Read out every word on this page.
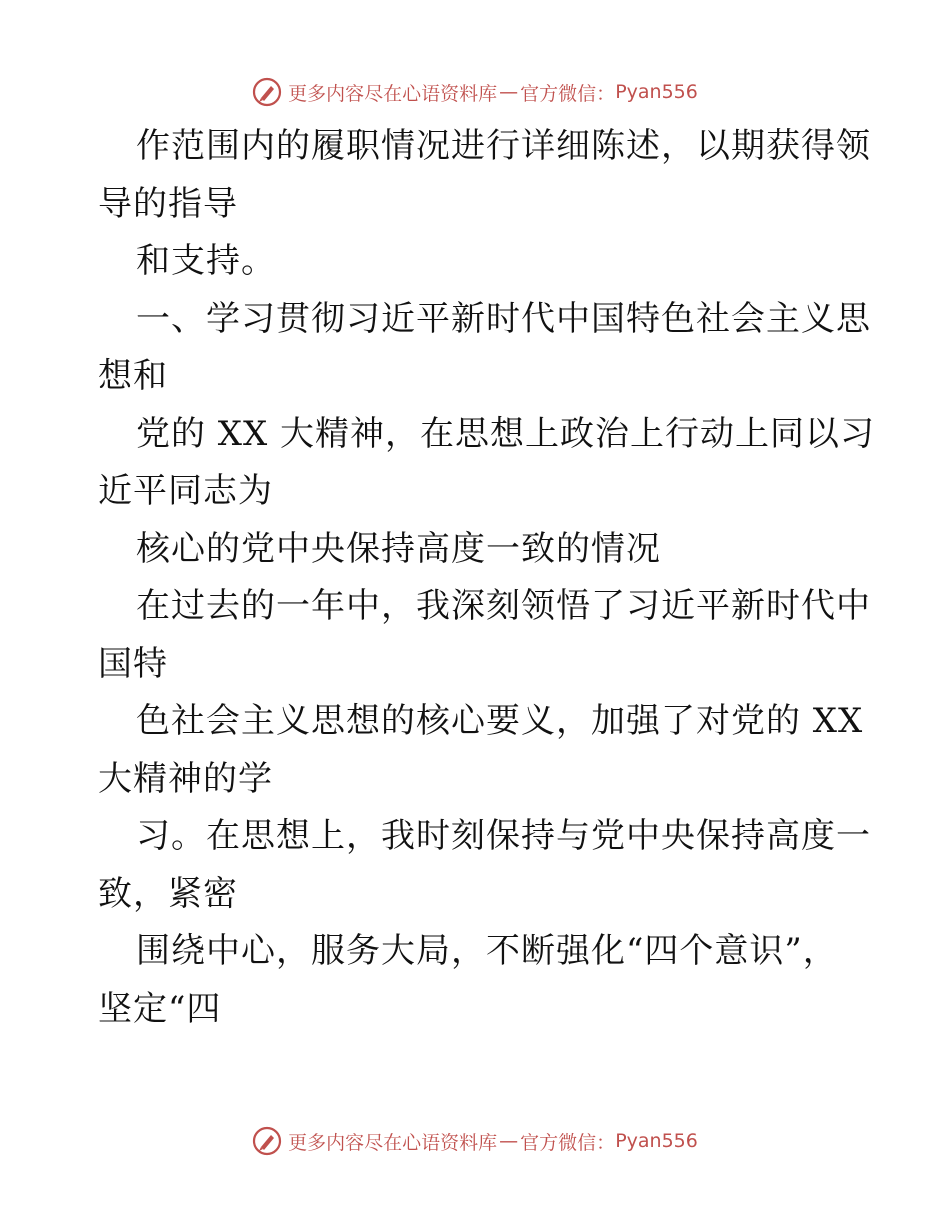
更多内容尽在心语资料库 — 官方微信： Pyan556
作范围内的履职情况进行详细陈述，以期获得领
导的指导
和支持。
一、学习贯彻习近平新时代中国特色社会主义思
想和
党的 XX 大精神，在思想上政治上行动上同以习
近平同志为
核心的党中央保持高度一致的情况
在过去的一年中，我深刻领悟了习近平新时代中
国特
色社会主义思想的核心要义，加强了对党的 XX
大精神的学
习。在思想上，我时刻保持与党中央保持高度一
致，紧密
围绕中心，服务大局，不断强化“四个意识”，
坚定“四
更多内容尽在心语资料库 — 官方微信： Pyan556
